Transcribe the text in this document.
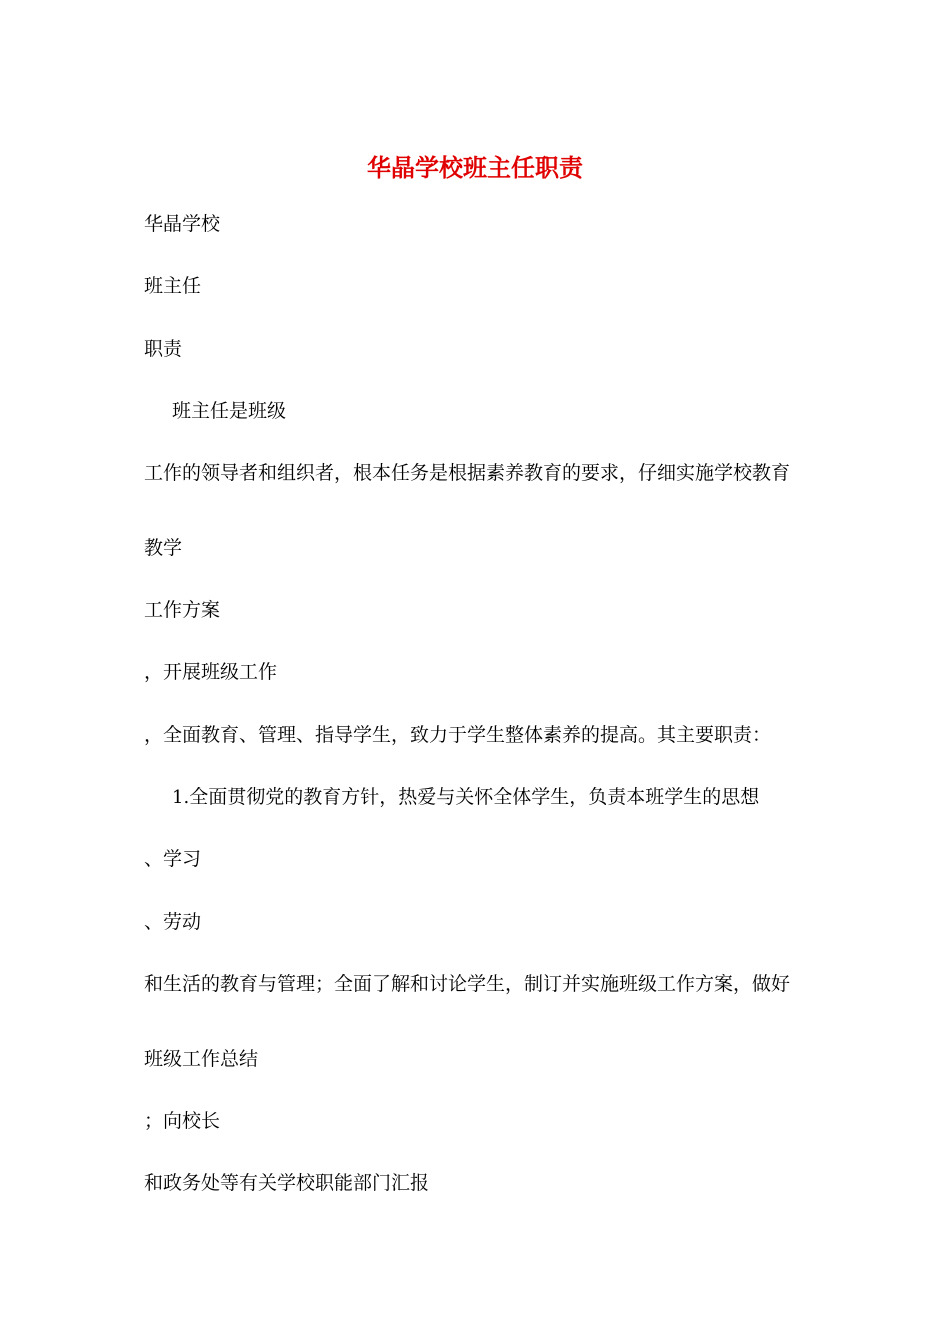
华晶学校班主任职责

华晶学校

班主任

职责

班主任是班级

工作的领导者和组织者，根本任务是根据素养教育的要求，仔细实施学校教育

教学

工作方案

，开展班级工作

，全面教育、管理、指导学生，致力于学生整体素养的提高。其主要职责：

1.全面贯彻党的教育方针，热爱与关怀全体学生，负责本班学生的思想

、学习

、劳动

和生活的教育与管理；全面了解和讨论学生，制订并实施班级工作方案，做好

班级工作总结

；向校长

和政务处等有关学校职能部门汇报
